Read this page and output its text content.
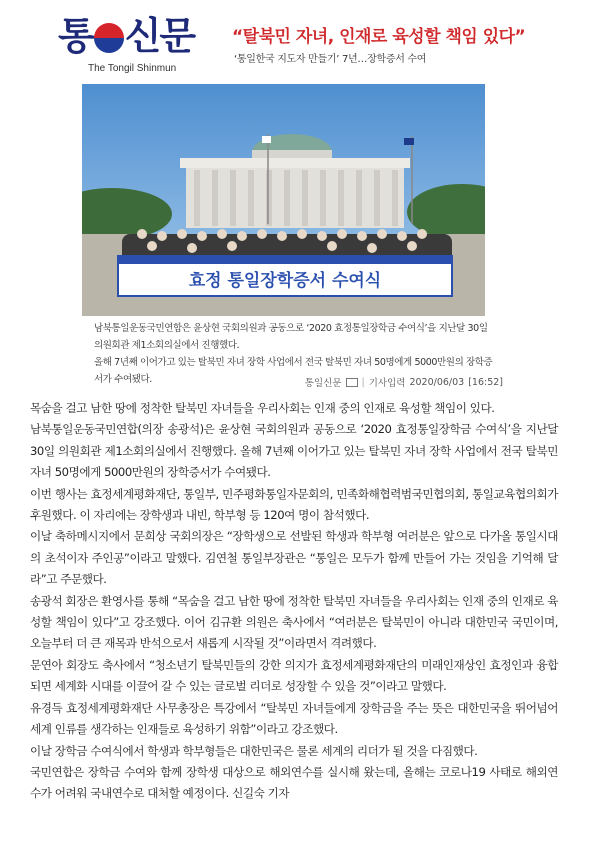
통 신문
The Tongil Shinmun
“탈북민 자녀, 인재로 육성할 책임 있다”
‘통일한국 지도자 만들기’ 7년…장학증서 수여
효정 통일장학증서 수여식

남북통일운동국민연합은 윤상현 국회의원과 공동으로 ‘2020 효정통일장학금 수여식’을 지난달 30일 의원회관 제1소회의실에서 진행했다.

올해 7년째 이어가고 있는 탈북민 자녀 장학 사업에서 전국 탈북민 자녀 50명에게 5000만원의 장학증서가 수여됐다.	통일신문 | 기사입력 2020/06/03 [16:52]

목숨을 걸고 남한 땅에 정착한 탈북민 자녀들을 우리사회는 인재 중의 인재로 육성할 책임이 있다.

남북통일운동국민연합(의장 송광석)은 윤상현 국회의원과 공동으로 ‘2020 효정통일장학금 수여식’을 지난달 30일 의원회관 제1소회의실에서 진행했다. 올해 7년째 이어가고 있는 탈북민 자녀 장학 사업에서 전국 탈북민 자녀 50명에게 5000만원의 장학증서가 수여됐다.

이번 행사는 효정세계평화재단, 통일부, 민주평화통일자문회의, 민족화해협력범국민협의회, 통일교육협의회가 후원했다. 이 자리에는 장학생과 내빈, 학부형 등 120여 명이 참석했다.

이날 축하메시지에서 문희상 국회의장은 “장학생으로 선발된 학생과 학부형 여러분은 앞으로 다가올 통일시대의 초석이자 주인공”이라고 말했다. 김연철 통일부장관은 “통일은 모두가 함께 만들어 가는 것임을 기억해 달라”고 주문했다.

송광석 회장은 환영사를 통해 “목숨을 걸고 남한 땅에 정착한 탈북민 자녀들을 우리사회는 인재 중의 인재로 육성할 책임이 있다”고 강조했다. 이어 김규환 의원은 축사에서 “여러분은 탈북민이 아니라 대한민국 국민이며, 오늘부터 더 큰 재목과 반석으로서 새롭게 시작될 것”이라면서 격려했다.

문연아 회장도 축사에서 “청소년기 탈북민들의 강한 의지가 효정세계평화재단의 미래인재상인 효정인과 융합되면 세계화 시대를 이끌어 갈 수 있는 글로벌 리더로 성장할 수 있을 것”이라고 말했다.

유경득 효정세계평화재단 사무총장은 특강에서 “탈북민 자녀들에게 장학금을 주는 뜻은 대한민국을 뛰어넘어 세계 인류를 생각하는 인재들로 육성하기 위함”이라고 강조했다.

이날 장학금 수여식에서 학생과 학부형들은 대한민국은 물론 세계의 리더가 될 것을 다짐했다.

국민연합은 장학금 수여와 함께 장학생 대상으로 해외연수를 실시해 왔는데, 올해는 코로나19 사태로 해외연수가 어려워 국내연수로 대처할 예정이다. 신길숙 기자
